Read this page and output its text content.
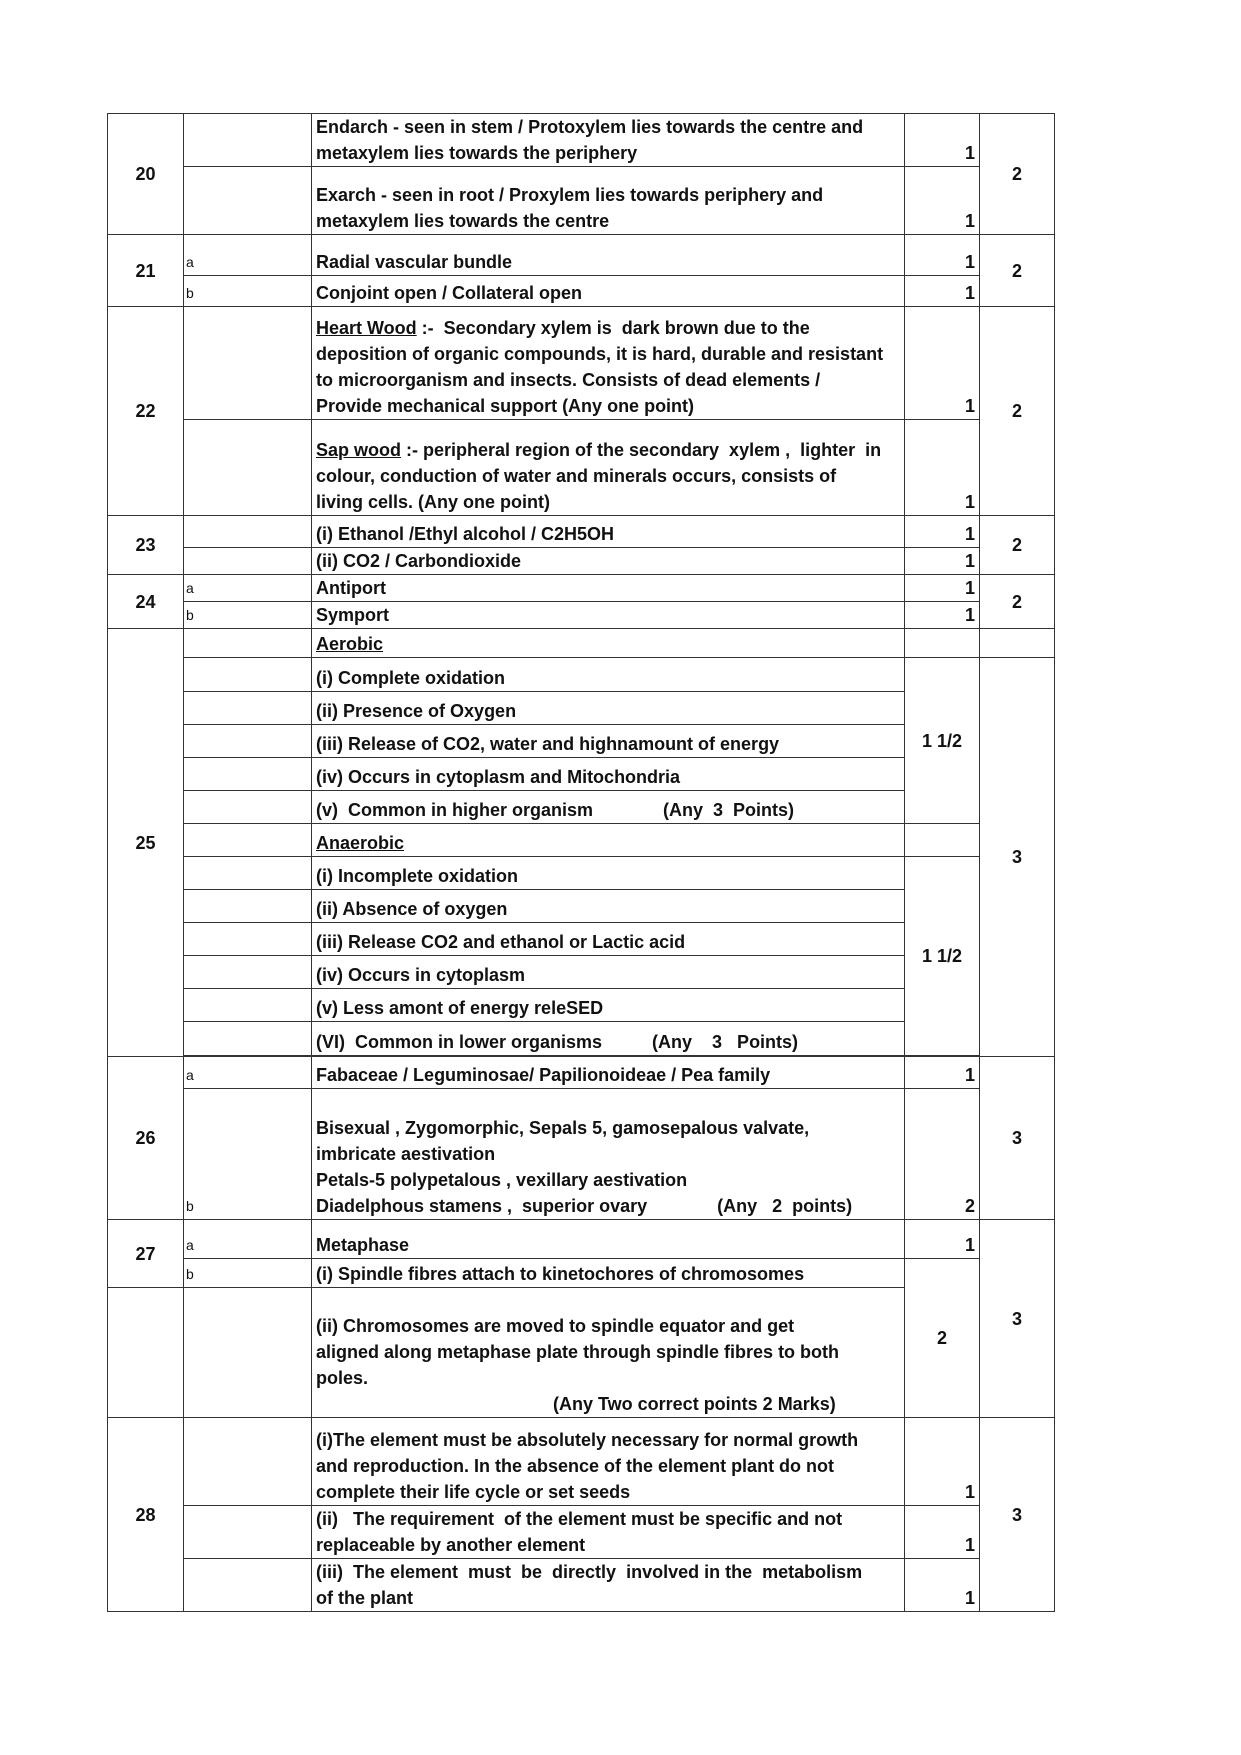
20		Endarch - seen in stem / Protoxylem lies towards the centre and
metaxylem lies towards the periphery	1	2

		Exarch - seen in root / Proxylem lies towards periphery and
metaxylem lies towards the centre	1	
21	a	Radial vascular bundle	1	2
	b	Conjoint open / Collateral open	1	
22		Heart Wood :-  Secondary xylem is  dark brown due to the
deposition of organic compounds, it is hard, durable and resistant
to microorganism and insects. Consists of dead elements /
Provide mechanical support (Any one point)	1	2

		Sap wood :- peripheral region of the secondary  xylem ,  lighter  in
colour, conduction of water and minerals occurs, consists of
living cells. (Any one point)	1	
23		(i) Ethanol /Ethyl alcohol / C2H5OH	1	2
		(ii) CO2 / Carbondioxide	1	
24	a	Antiport	1	2
	b	Symport	1	
25		Aerobic		
		(i) Complete oxidation	1 1/2	3
		(ii) Presence of Oxygen		
		(iii) Release of CO2, water and highnamount of energy		
		(iv) Occurs in cytoplasm and Mitochondria		
		(v)  Common in higher organism              (Any  3  Points)		
		Anaerobic		
		(i) Incomplete oxidation	1 1/2	
		(ii) Absence of oxygen		
		(iii) Release CO2 and ethanol or Lactic acid		
		(iv) Occurs in cytoplasm		
		(v) Less amont of energy releSED		
		(VI)  Common in lower organisms          (Any    3   Points)		

26	a	Fabaceae / Leguminosae/ Papilionoideae / Pea family	1	3
	b	Bisexual , Zygomorphic, Sepals 5, gamosepalous valvate,
imbricate aestivation
Petals-5 polypetalous , vexillary aestivation
Diadelphous stamens ,  superior ovary              (Any   2  points)	2	
27	a	Metaphase	1	3
	b	(i) Spindle fibres attach to kinetochores of chromosomes	2	

		(ii) Chromosomes are moved to spindle equator and get
aligned along metaphase plate through spindle fibres to both
poles.
(Any Two correct points 2 Marks)		

28		(i)The element must be absolutely necessary for normal growth
and reproduction. In the absence of the element plant do not
complete their life cycle or set seeds	1	3

		(ii)   The requirement  of the element must be specific and not
replaceable by another element	1	

		(iii)  The element  must  be  directly  involved in the  metabolism
of the plant	1	
